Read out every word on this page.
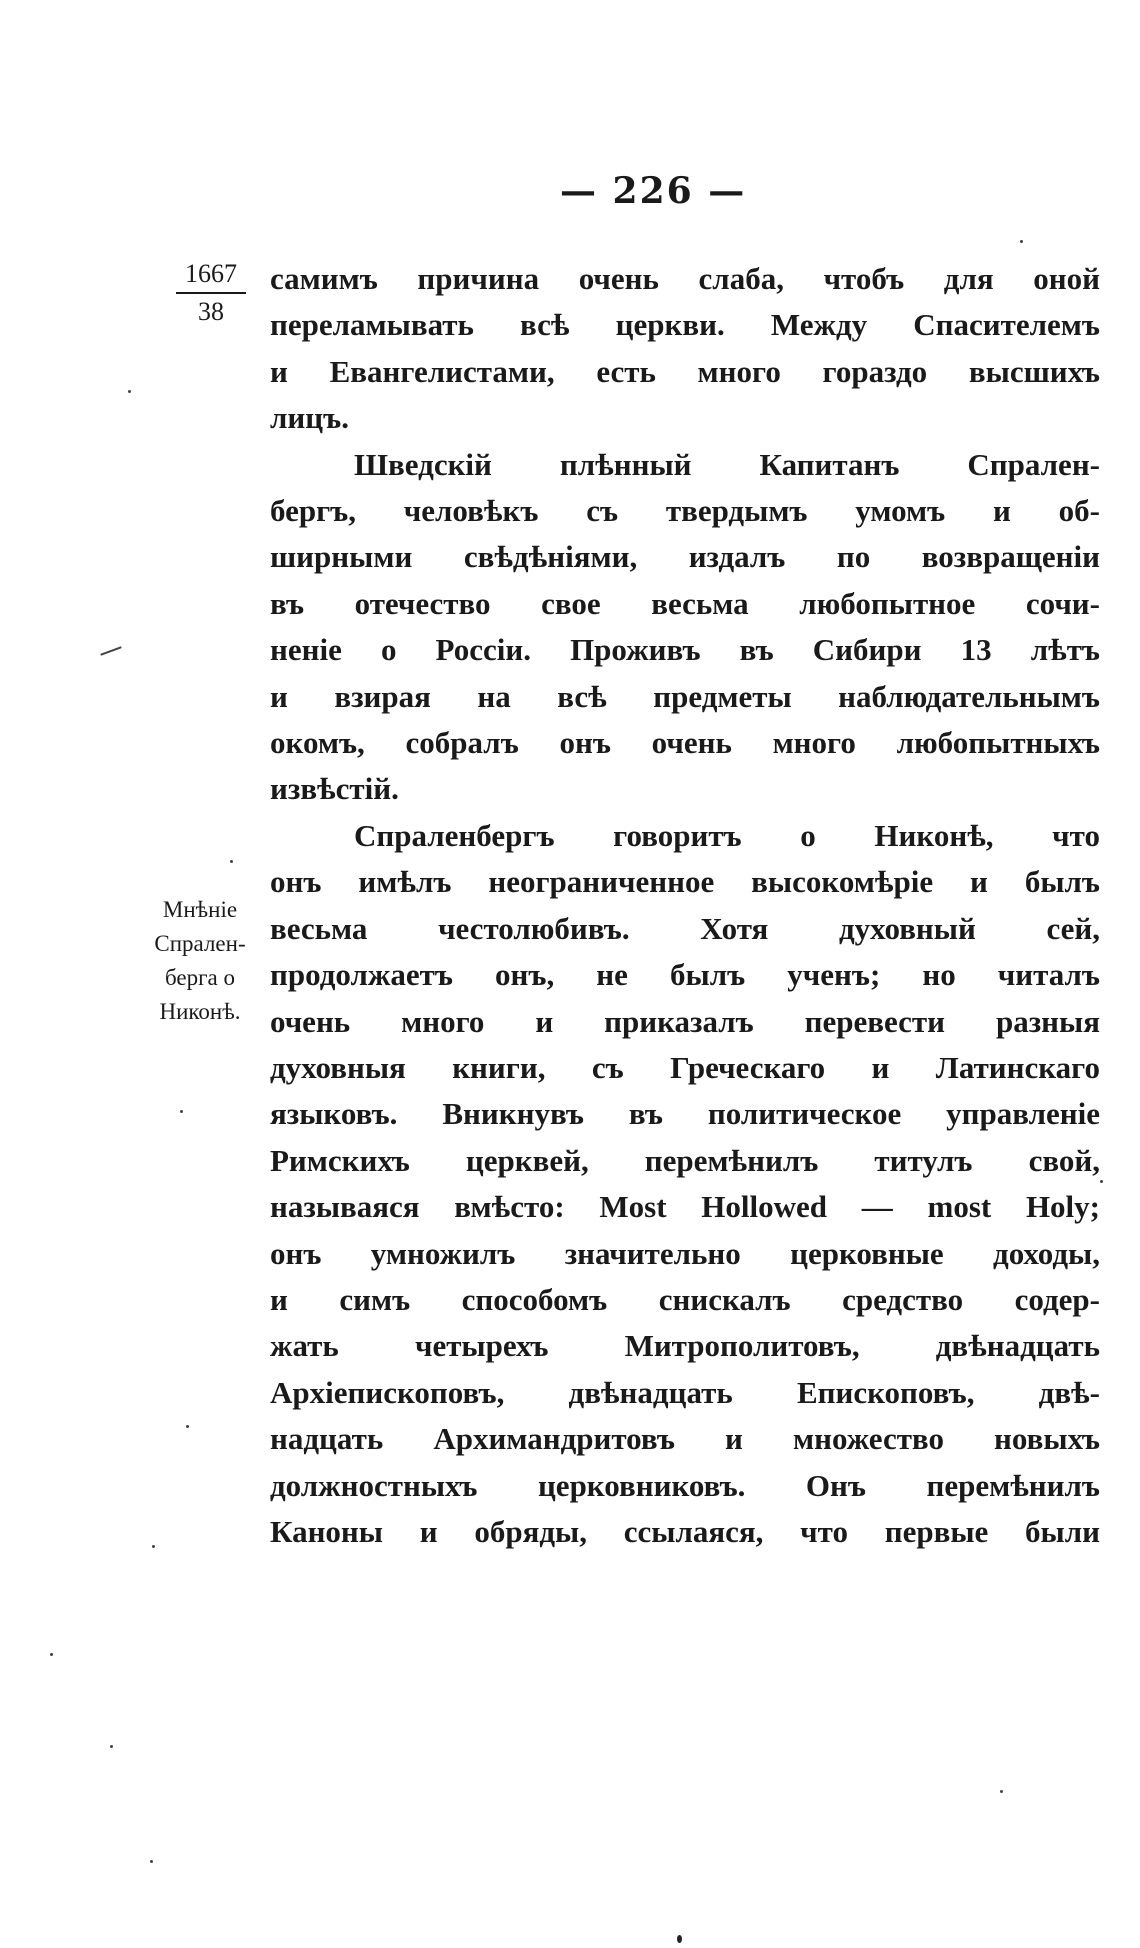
— 226 —
1667
38
Мнѣніе
Спрален-
берга о
Никонѣ.
самимъ причина очень слаба, чтобъ для оной
переламывать всѣ церкви. Между Спасителемъ
и Евангелистами, есть много гораздо высшихъ
лицъ.
Шведскій плѣнный Капитанъ Спрален-
бергъ, человѣкъ съ твердымъ умомъ и об-
ширными свѣдѣніями, издалъ по возвращеніи
въ отечество свое весьма любопытное сочи-
неніе о Россіи. Проживъ въ Сибири 13 лѣтъ
и взирая на всѣ предметы наблюдательнымъ
окомъ, собралъ онъ очень много любопытныхъ
извѣстій.
Спраленбергъ говоритъ о Никонѣ, что
онъ имѣлъ неограниченное высокомѣріе и былъ
весьма честолюбивъ. Хотя духовный сей,
продолжаетъ онъ, не былъ ученъ; но читалъ
очень много и приказалъ перевести разныя
духовныя книги, съ Греческаго и Латинскаго
языковъ. Вникнувъ въ политическое управленіе
Римскихъ церквей, перемѣнилъ титулъ свой,
называяся вмѣсто: Most Hollowed — most Holy;
онъ умножилъ значительно церковные доходы,
и симъ способомъ снискалъ средство содер-
жать четырехъ Митрополитовъ, двѣнадцать
Архіепископовъ, двѣнадцать Епископовъ, двѣ-
надцать Архимандритовъ и множество новыхъ
должностныхъ церковниковъ. Онъ перемѣнилъ
Каноны и обряды, ссылаяся, что первые были
